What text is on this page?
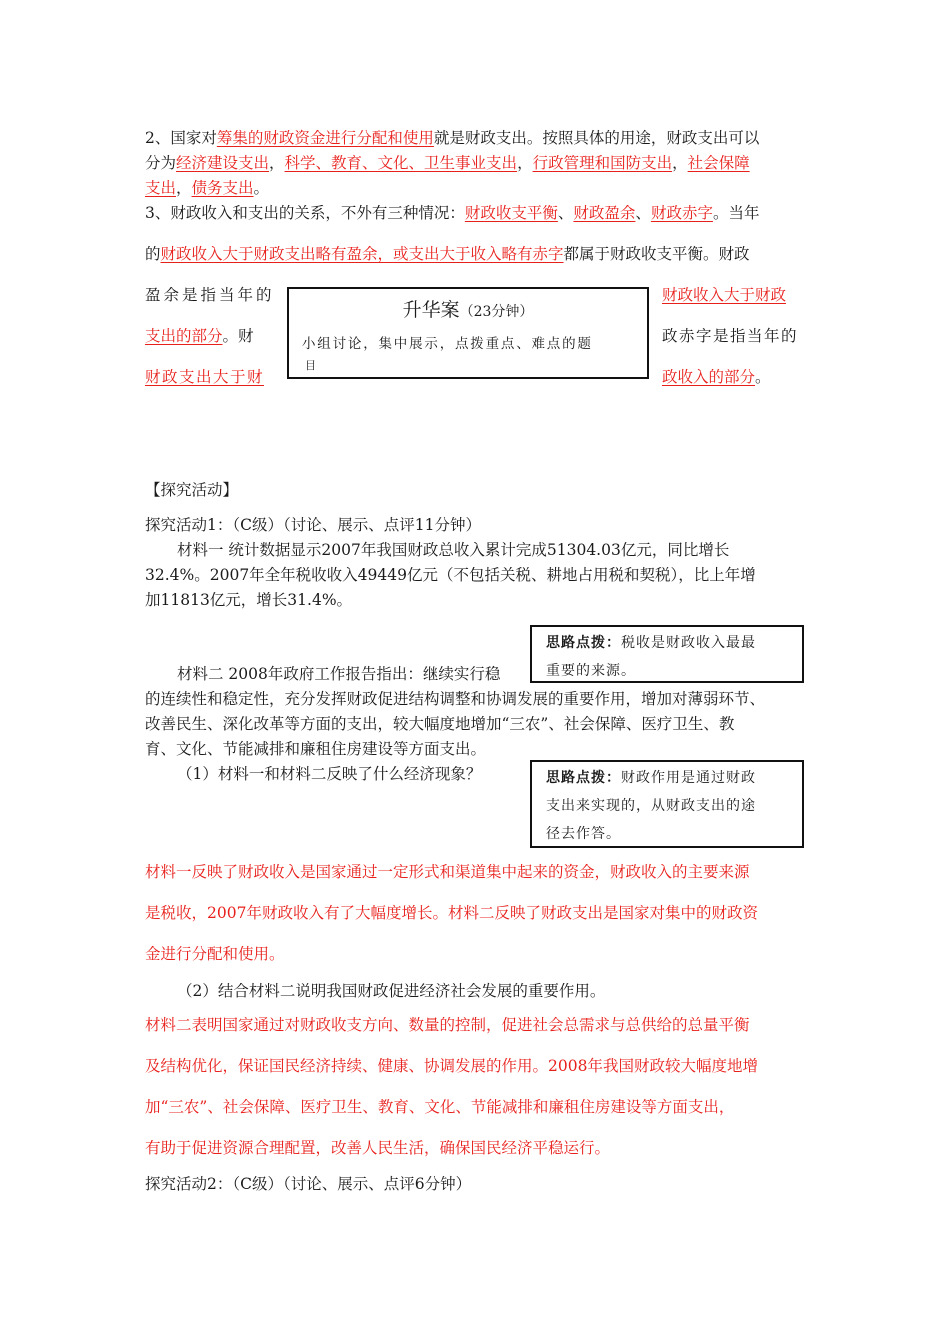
2、国家对筹集的财政资金进行分配和使用就是财政支出。按照具体的用途，财政支出可以
分为经济建设支出，科学、教育、文化、卫生事业支出，行政管理和国防支出，社会保障
支出，债务支出。
3、财政收入和支出的关系，不外有三种情况：财政收支平衡、财政盈余、财政赤字。当年
的财政收入大于财政支出略有盈余，或支出大于收入略有赤字都属于财政收支平衡。财政
盈余是指当年的
支出的部分。财
财政支出大于财
财政收入大于财政
政赤字是指当年的
政收入的部分。
升华案（23分钟）
小组讨论，集中展示，点拨重点、难点的题
目
【探究活动】
探究活动1：（C级）（讨论、展示、点评11分钟）
材料一 统计数据显示2007年我国财政总收入累计完成51304.03亿元，同比增长
32.4%。2007年全年税收收入49449亿元（不包括关税、耕地占用税和契税），比上年增
加11813亿元，增长31.4%。
思路点拨：税收是财政收入最最
重要的来源。
材料二 2008年政府工作报告指出：继续实行稳
的连续性和稳定性，充分发挥财政促进结构调整和协调发展的重要作用，增加对薄弱环节、
改善民生、深化改革等方面的支出，较大幅度地增加“三农”、社会保障、医疗卫生、教
育、文化、节能减排和廉租住房建设等方面支出。
（1）材料一和材料二反映了什么经济现象？	思路点拨：财政作用是通过财政
支出来实现的，从财政支出的途
径去作答。
材料一反映了财政收入是国家通过一定形式和渠道集中起来的资金，财政收入的主要来源
是税收，2007年财政收入有了大幅度增长。材料二反映了财政支出是国家对集中的财政资
金进行分配和使用。
（2）结合材料二说明我国财政促进经济社会发展的重要作用。
材料二表明国家通过对财政收支方向、数量的控制，促进社会总需求与总供给的总量平衡
及结构优化，保证国民经济持续、健康、协调发展的作用。2008年我国财政较大幅度地增
加“三农”、社会保障、医疗卫生、教育、文化、节能减排和廉租住房建设等方面支出，
有助于促进资源合理配置，改善人民生活，确保国民经济平稳运行。
探究活动2：（C级）（讨论、展示、点评6分钟）
